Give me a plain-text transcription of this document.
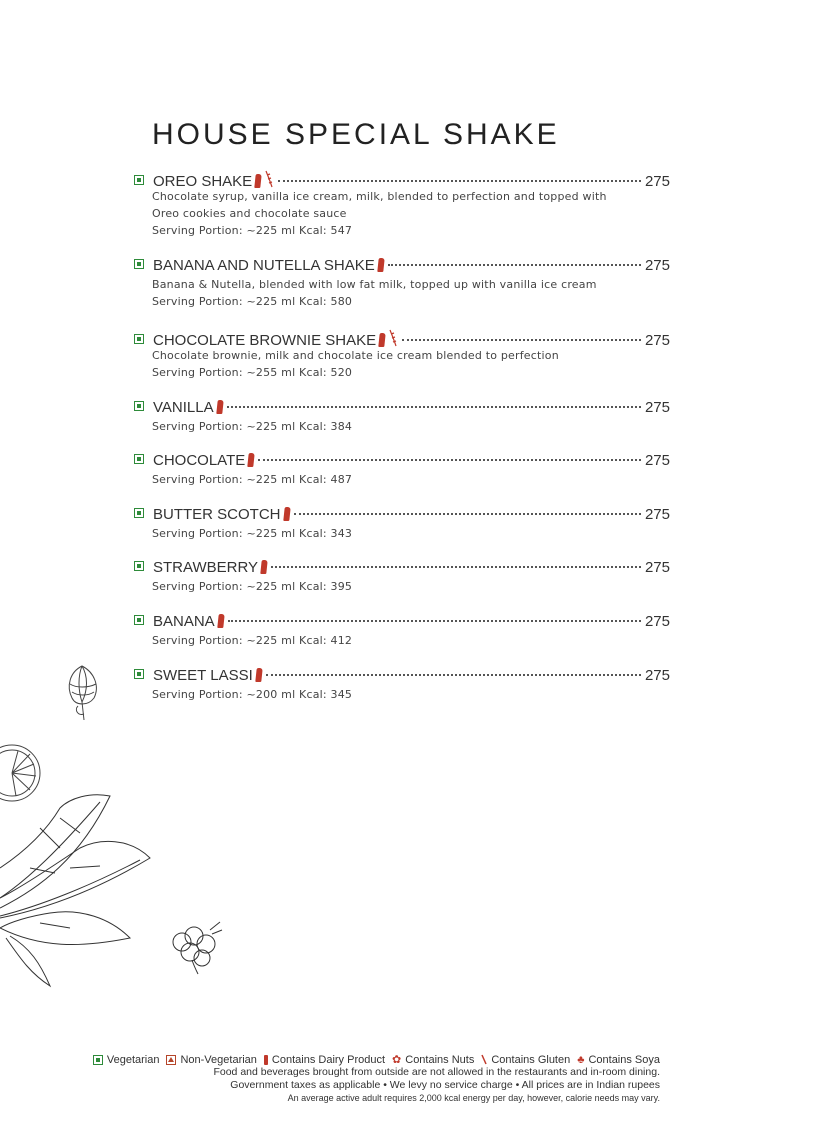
HOUSE SPECIAL SHAKE
OREO SHAKE	275
Chocolate syrup, vanilla ice cream, milk, blended to perfection and topped with
Oreo cookies and chocolate sauce
Serving Portion: ~225 ml Kcal: 547
BANANA AND NUTELLA SHAKE	275
Banana & Nutella, blended with low fat milk, topped up with vanilla ice cream
Serving Portion: ~225 ml Kcal: 580
CHOCOLATE BROWNIE SHAKE	275
Chocolate brownie, milk and chocolate ice cream blended to perfection
Serving Portion: ~255 ml Kcal: 520
VANILLA	275
Serving Portion: ~225 ml Kcal: 384
CHOCOLATE	275
Serving Portion: ~225 ml Kcal: 487
BUTTER SCOTCH	275
Serving Portion: ~225 ml Kcal: 343
STRAWBERRY	275
Serving Portion: ~225 ml Kcal: 395
BANANA	275
Serving Portion: ~225 ml Kcal: 412
SWEET LASSI	275
Serving Portion: ~200 ml Kcal: 345
Vegetarian Non-Vegetarian Contains Dairy Product ✿ Contains Nuts Contains Gluten ♣ Contains Soya
Food and beverages brought from outside are not allowed in the restaurants and in-room dining.
Government taxes as applicable • We levy no service charge • All prices are in Indian rupees
An average active adult requires 2,000 kcal energy per day, however, calorie needs may vary.
